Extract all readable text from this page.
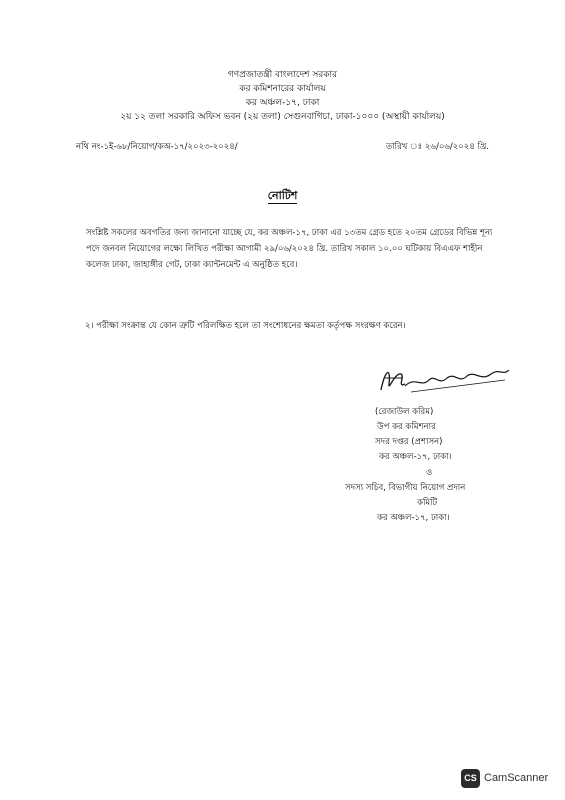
গণপ্রজাতন্ত্রী বাংলাদেশ সরকার
কর কমিশনারের কার্যালয়
কর অঞ্চল-১৭, ঢাকা
২য় ১২ তলা সরকারি অফিস ভবন (২য় তলা) সেগুনবাগিচা, ঢাকা-১০০০ (অস্থায়ী কার্যালয়)
নথি নং-১ই-৬৮/নিয়োগ/কঅ-১৭/২০২৩-২০২৪/	তারিখ ঃ ২৬/০৬/২০২৪ খ্রি.
নোটিশ
সংশ্লিষ্ট সকলের অবগতির জন্য জানানো যাচ্ছে যে, কর অঞ্চল-১৭, ঢাকা এর ১৩তম গ্রেড হতে ২০তম গ্রেডের বিভিন্ন শূন্য পদে জনবল নিয়োগের লক্ষ্যে লিখিত পরীক্ষা আগামী ২৯/০৬/২০২৪ খ্রি. তারিখ সকাল ১০.০০ ঘটিকায় বিএএফ শাহীন কলেজ ঢাকা, জাহাঙ্গীর গেট, ঢাকা ক্যান্টনমেন্ট এ অনুষ্ঠিত হবে।
২। পরীক্ষা সংক্রান্ত যে কোন ত্রুটি পরিলক্ষিত হলে তা সংশোধনের ক্ষমতা কর্তৃপক্ষ সংরক্ষণ করেন।
(রেজাউল করিম)
উপ কর কমিশনার
সদর দপ্তর (প্রশাসন)
কর অঞ্চল-১৭, ঢাকা।
ও
সদস্য সচিব, বিভাগীয় নিয়োগ প্রদান
কমিটি
কর অঞ্চল-১৭, ঢাকা।
CS CamScanner
